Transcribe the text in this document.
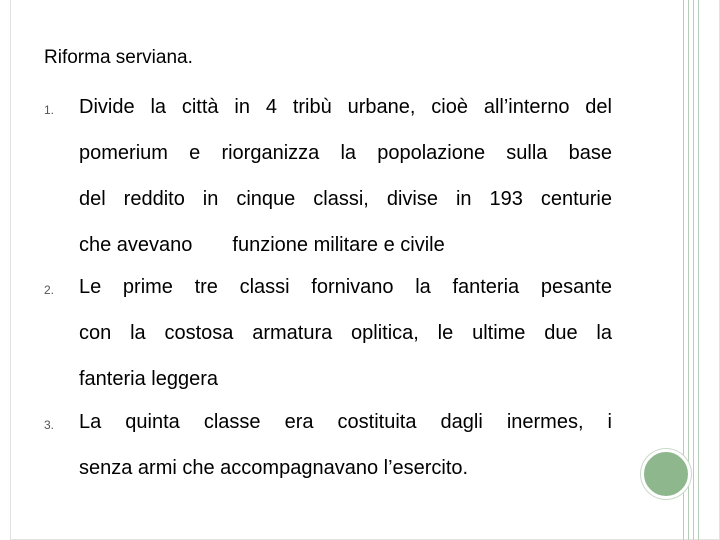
Riforma serviana.
1. Divide la città in 4 tribù urbane, cioè all’interno del
pomerium e riorganizza la popolazione sulla base
del reddito in cinque classi, divise in 193 centurie
che avevano funzione militare e civile
2. Le prime tre classi fornivano la fanteria pesante
con la costosa armatura oplitica, le ultime due la
fanteria leggera
3. La quinta classe era costituita dagli inermes, i
senza armi che accompagnavano l’esercito.
